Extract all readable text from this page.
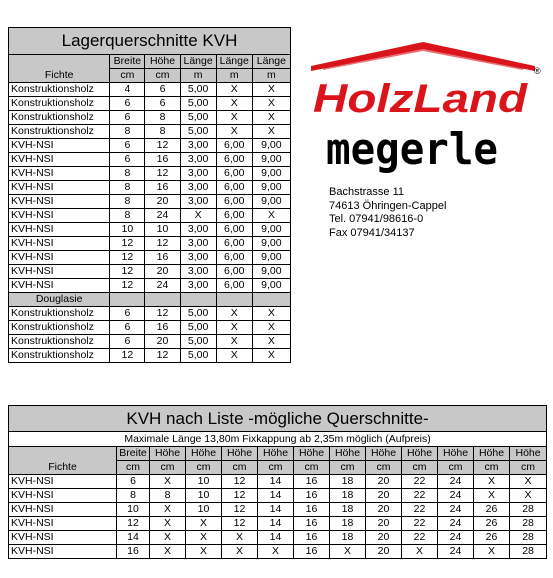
Lagerquerschnitte KVH					
Fichte	Breite	Höhe	Länge	Länge	Länge
	cm	cm	m	m	m
Konstruktionsholz	4	6	5,00	X	X
Konstruktionsholz	6	6	5,00	X	X
Konstruktionsholz	6	8	5,00	X	X
Konstruktionsholz	8	8	5,00	X	X
KVH-NSI	6	12	3,00	6,00	9,00
KVH-NSI	6	16	3,00	6,00	9,00
KVH-NSI	8	12	3,00	6,00	9,00
KVH-NSI	8	16	3,00	6,00	9,00
KVH-NSI	8	20	3,00	6,00	9,00
KVH-NSI	8	24	X	6,00	X
KVH-NSI	10	10	3,00	6,00	9,00
KVH-NSI	12	12	3,00	6,00	9,00
KVH-NSI	12	16	3,00	6,00	9,00
KVH-NSI	12	20	3,00	6,00	9,00
KVH-NSI	12	24	3,00	6,00	9,00
Douglasie					
Konstruktionsholz	6	12	5,00	X	X
Konstruktionsholz	6	16	5,00	X	X
Konstruktionsholz	6	20	5,00	X	X
Konstruktionsholz	12	12	5,00	X	X
HolzLand
®
megerle
Bachstrasse 11
74613 Öhringen-Cappel
Tel. 07941/98616-0
Fax 07941/34137
KVH nach Liste -mögliche Querschnitte-												
Maximale Länge 13,80m Fixkappung ab 2,35m möglich (Aufpreis)												
Fichte	Breite	Höhe	Höhe	Höhe	Höhe	Höhe	Höhe	Höhe	Höhe	Höhe	Höhe	Höhe
	cm	cm	cm	cm	cm	cm	cm	cm	cm	cm	cm	cm
KVH-NSI	6	X	10	12	14	16	18	20	22	24	X	X
KVH-NSI	8	8	10	12	14	16	18	20	22	24	X	X
KVH-NSI	10	X	10	12	14	16	18	20	22	24	26	28
KVH-NSI	12	X	X	12	14	16	18	20	22	24	26	28
KVH-NSI	14	X	X	X	14	16	18	20	22	24	26	28
KVH-NSI	16	X	X	X	X	16	X	20	X	24	X	28
